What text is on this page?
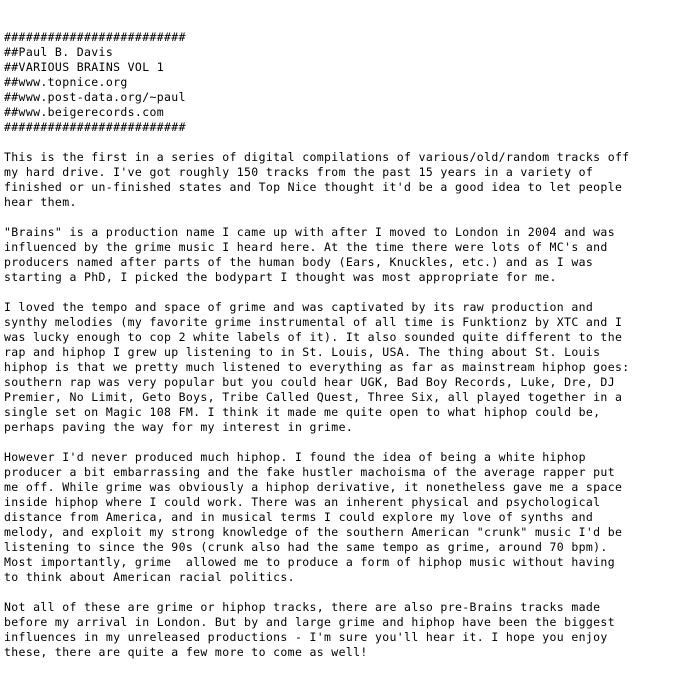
#########################
##Paul B. Davis
##VARIOUS BRAINS VOL 1
##www.topnice.org
##www.post-data.org/~paul
##www.beigerecords.com
#########################
This is the first in a series of digital compilations of various/old/random tracks off
my hard drive. I've got roughly 150 tracks from the past 15 years in a variety of
finished or un-finished states and Top Nice thought it'd be a good idea to let people
hear them.
"Brains" is a production name I came up with after I moved to London in 2004 and was
influenced by the grime music I heard here. At the time there were lots of MC's and
producers named after parts of the human body (Ears, Knuckles, etc.) and as I was
starting a PhD, I picked the bodypart I thought was most appropriate for me.
I loved the tempo and space of grime and was captivated by its raw production and
synthy melodies (my favorite grime instrumental of all time is Funktionz by XTC and I
was lucky enough to cop 2 white labels of it). It also sounded quite different to the
rap and hiphop I grew up listening to in St. Louis, USA. The thing about St. Louis
hiphop is that we pretty much listened to everything as far as mainstream hiphop goes:
southern rap was very popular but you could hear UGK, Bad Boy Records, Luke, Dre, DJ
Premier, No Limit, Geto Boys, Tribe Called Quest, Three Six, all played together in a
single set on Magic 108 FM. I think it made me quite open to what hiphop could be,
perhaps paving the way for my interest in grime.
However I'd never produced much hiphop. I found the idea of being a white hiphop
producer a bit embarrassing and the fake hustler machoisma of the average rapper put
me off. While grime was obviously a hiphop derivative, it nonetheless gave me a space
inside hiphop where I could work. There was an inherent physical and psychological
distance from America, and in musical terms I could explore my love of synths and
melody, and exploit my strong knowledge of the southern American "crunk" music I'd be
listening to since the 90s (crunk also had the same tempo as grime, around 70 bpm).
Most importantly, grime  allowed me to produce a form of hiphop music without having
to think about American racial politics.
Not all of these are grime or hiphop tracks, there are also pre-Brains tracks made
before my arrival in London. But by and large grime and hiphop have been the biggest
influences in my unreleased productions - I'm sure you'll hear it. I hope you enjoy
these, there are quite a few more to come as well!
